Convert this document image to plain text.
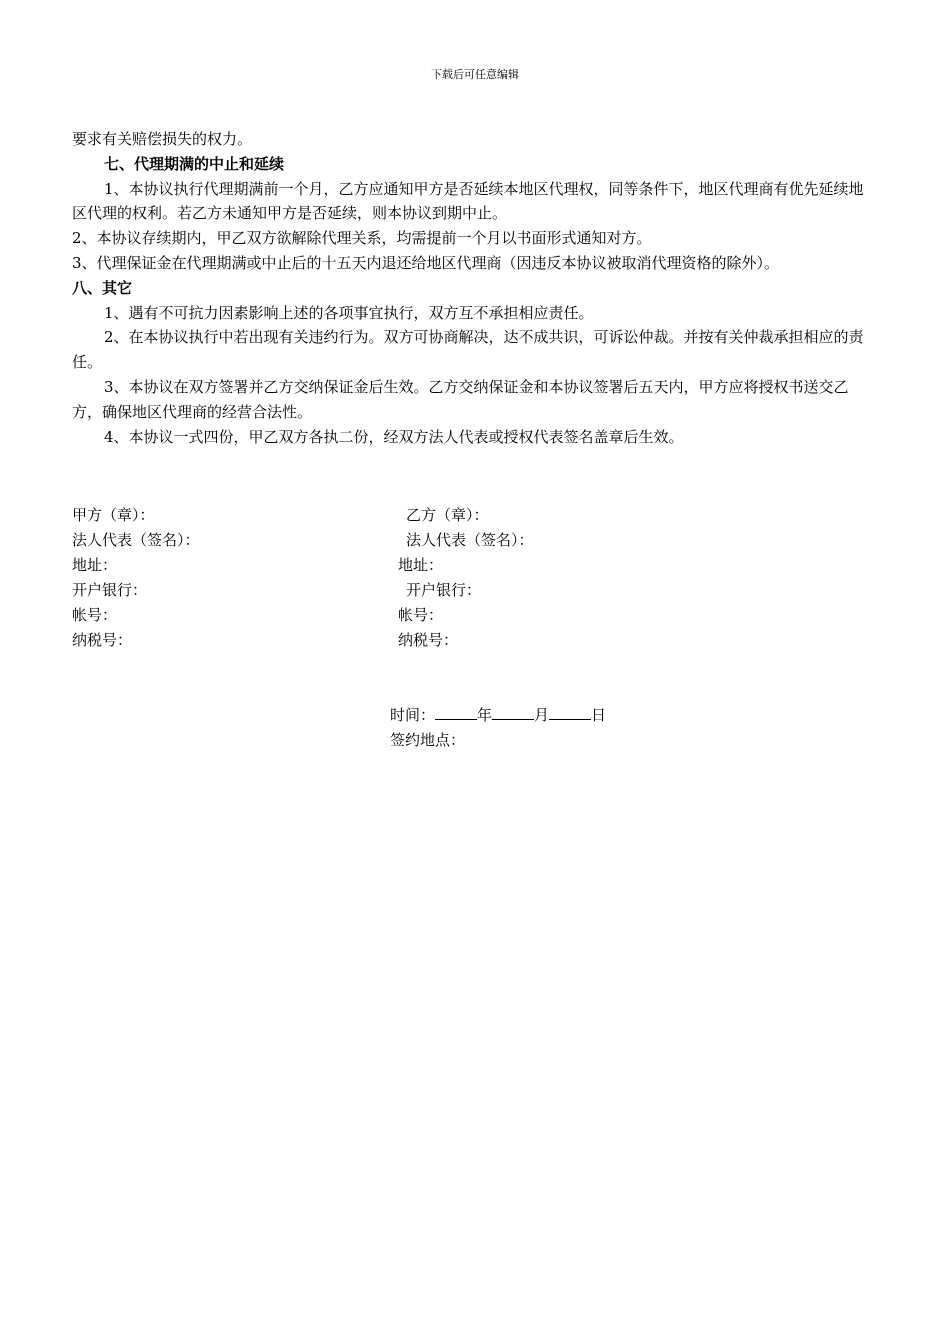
下载后可任意编辑

要求有关赔偿损失的权力。

七、代理期满的中止和延续

1、本协议执行代理期满前一个月，乙方应通知甲方是否延续本地区代理权，同等条件下，地区代理商有优先延续地区代理的权利。若乙方未通知甲方是否延续，则本协议到期中止。

2、本协议存续期内，甲乙双方欲解除代理关系，均需提前一个月以书面形式通知对方。

3、代理保证金在代理期满或中止后的十五天内退还给地区代理商（因违反本协议被取消代理资格的除外）。

八、其它

1、遇有不可抗力因素影响上述的各项事宜执行，双方互不承担相应责任。

2、在本协议执行中若出现有关违约行为。双方可协商解决，达不成共识，可诉讼仲裁。并按有关仲裁承担相应的责任。

3、本协议在双方签署并乙方交纳保证金后生效。乙方交纳保证金和本协议签署后五天内，甲方应将授权书送交乙方，确保地区代理商的经营合法性。

4、本协议一式四份，甲乙双方各执二份，经双方法人代表或授权代表签名盖章后生效。

甲方（章）：	乙方（章）：
法人代表（签名）：	法人代表（签名）：
地址：	地址：
开户银行：	开户银行：
帐号：	帐号：
纳税号：	纳税号：
时间：	年	月	日
签约地点：
